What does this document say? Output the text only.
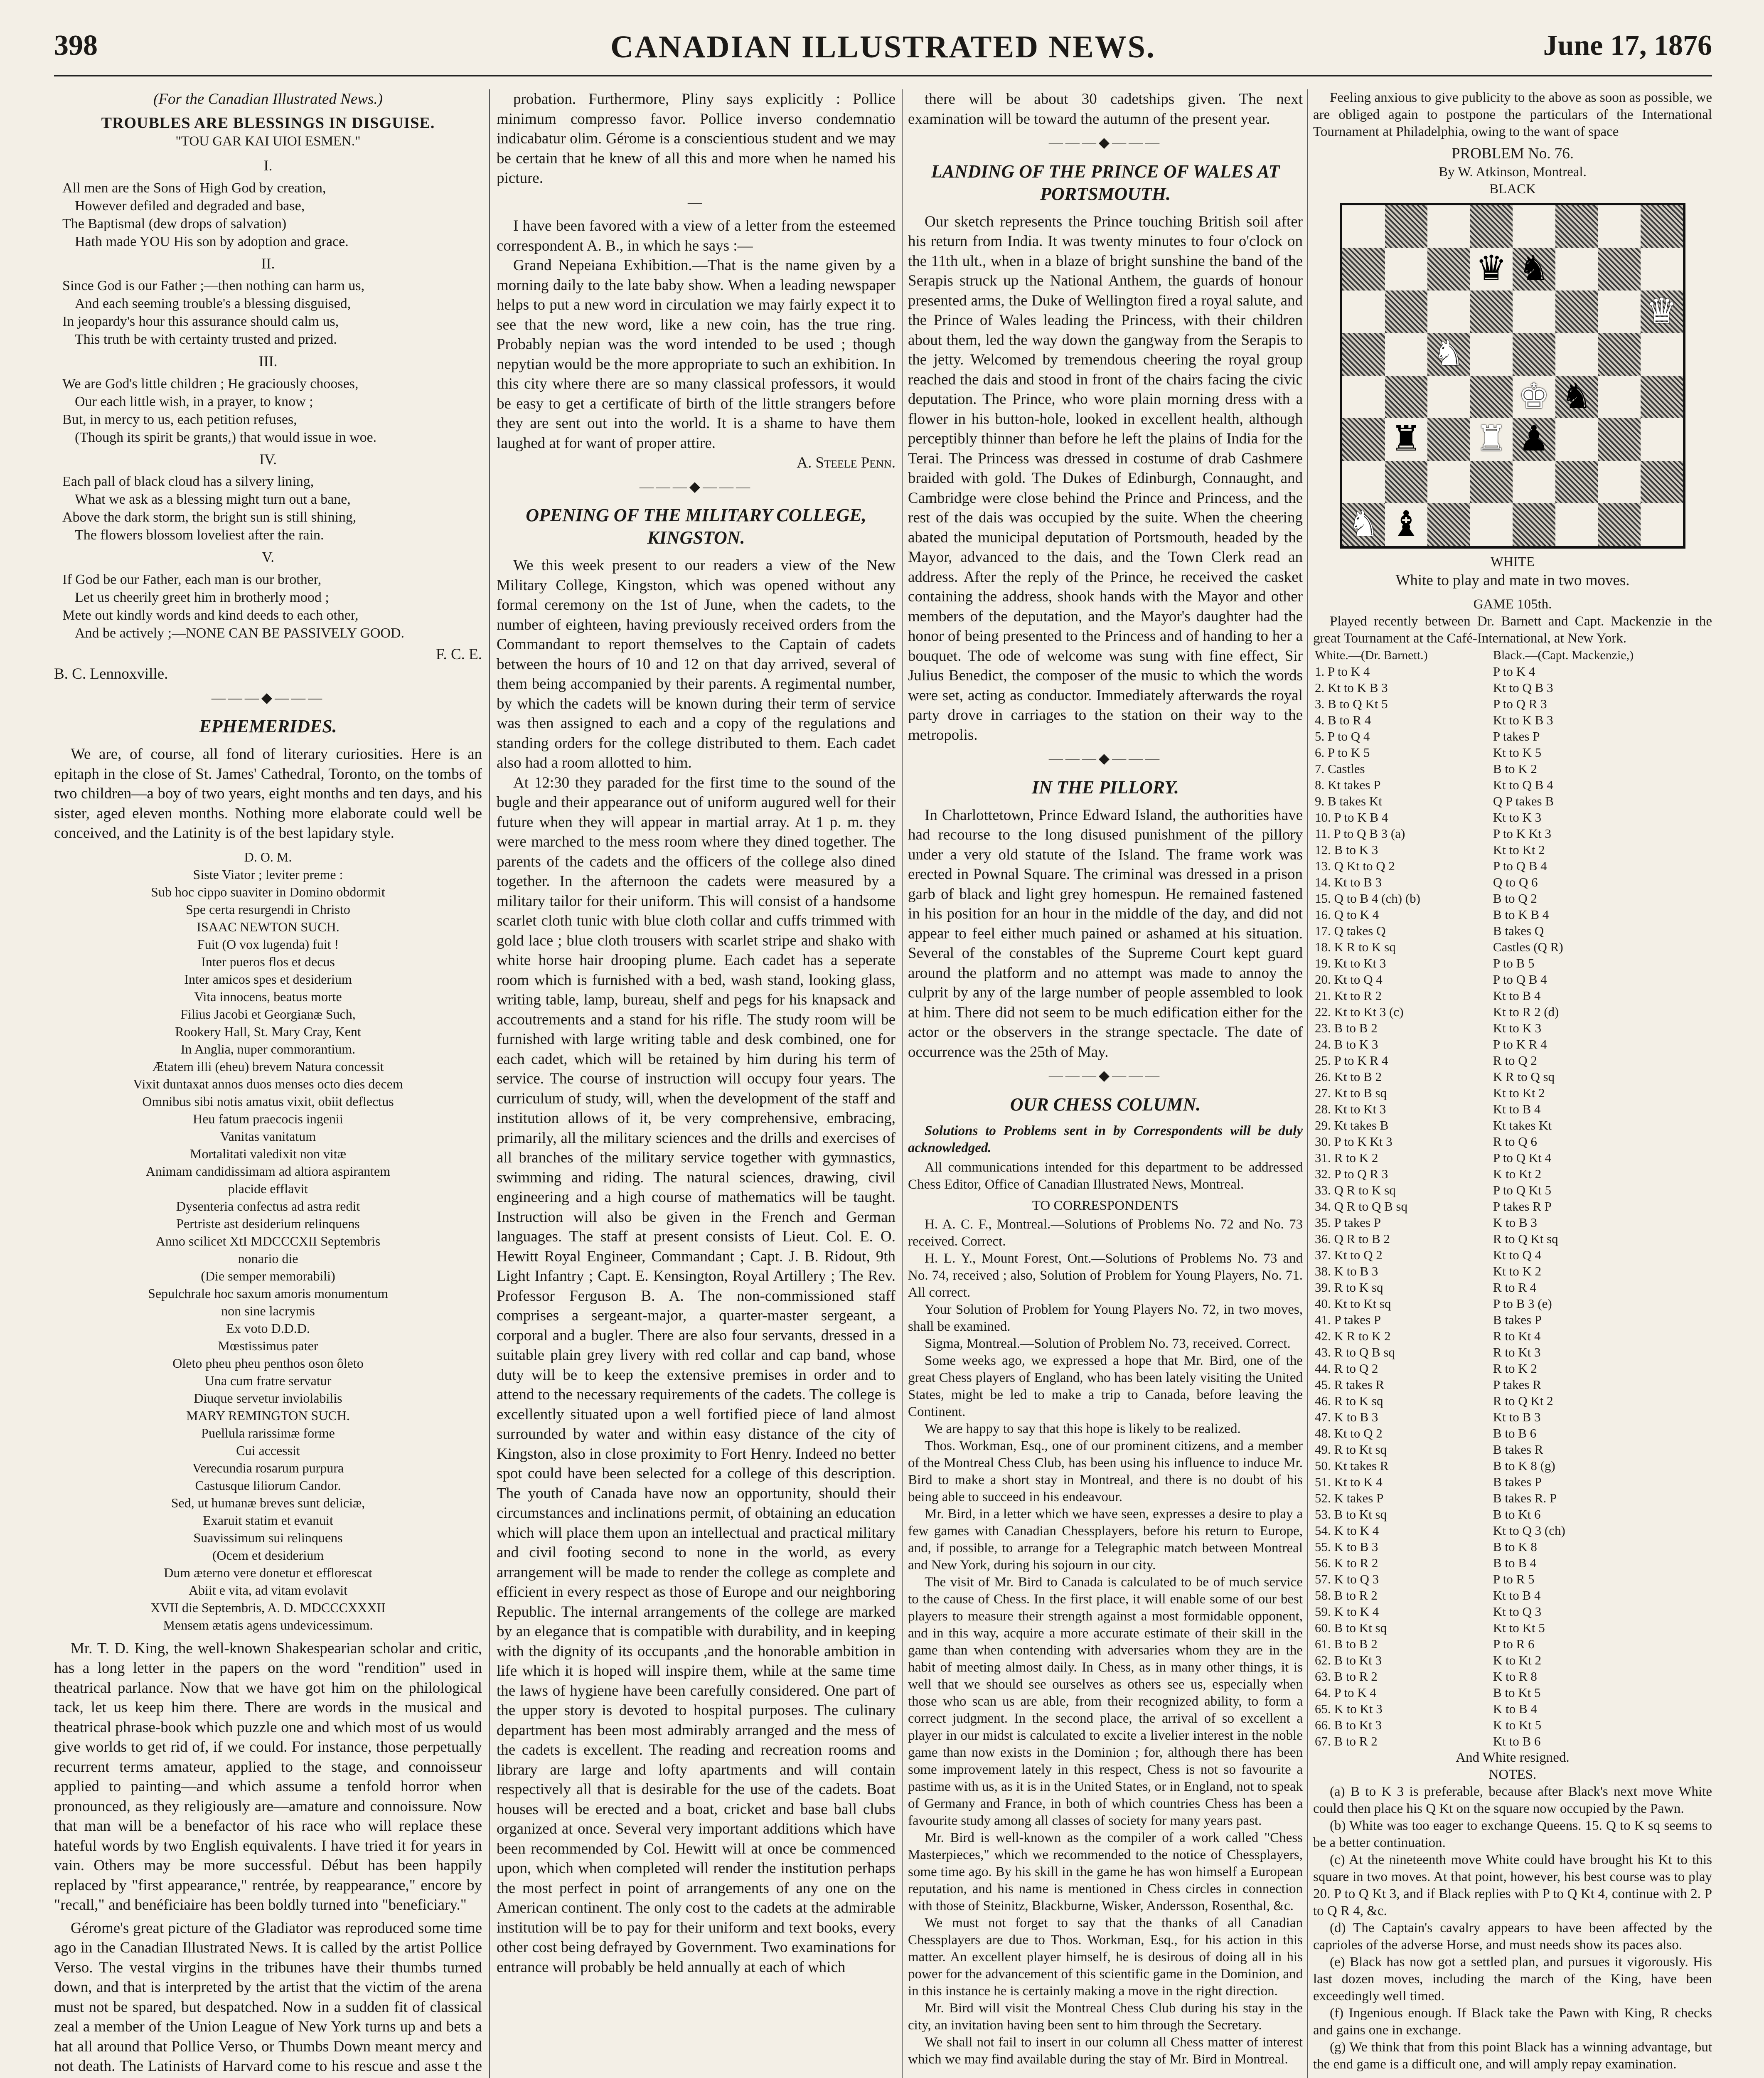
398	CANADIAN ILLUSTRATED NEWS.	June 17, 1876
(For the Canadian Illustrated News.)
TROUBLES ARE BLESSINGS IN DISGUISE.
"TOU GAR KAI UIOI ESMEN."
I.
All men are the Sons of High God by creation,
However defiled and degraded and base,
The Baptismal (dew drops of salvation)
Hath made YOU His son by adoption and grace.
II.
Since God is our Father ;—then nothing can harm us,
And each seeming trouble's a blessing disguised,
In jeopardy's hour this assurance should calm us,
This truth be with certainty trusted and prized.
III.
We are God's little children ; He graciously chooses,
Our each little wish, in a prayer, to know ;
But, in mercy to us, each petition refuses,
(Though its spirit be grants,) that would issue in woe.
IV.
Each pall of black cloud has a silvery lining,
What we ask as a blessing might turn out a bane,
Above the dark storm, the bright sun is still shining,
The flowers blossom loveliest after the rain.
V.
If God be our Father, each man is our brother,
Let us cheerily greet him in brotherly mood ;
Mete out kindly words and kind deeds to each other,
And be actively ;—NONE CAN BE PASSIVELY GOOD.
F. C. E.
B. C. Lennoxville.
———◆———
EPHEMERIDES.

We are, of course, all fond of literary curiosities. Here is an epitaph in the close of St. James' Cathedral, Toronto, on the tombs of two children—a boy of two years, eight months and ten days, and his sister, aged eleven months. Nothing more elaborate could well be conceived, and the Latinity is of the best lapidary style.

D. O. M.
Siste Viator ; leviter preme :
Sub hoc cippo suaviter in Domino obdormit
Spe certa resurgendi in Christo
ISAAC NEWTON SUCH.
Fuit (O vox lugenda) fuit !
Inter pueros flos et decus
Inter amicos spes et desiderium
Vita innocens, beatus morte
Filius Jacobi et Georgianæ Such,
Rookery Hall, St. Mary Cray, Kent
In Anglia, nuper commorantium.
Ætatem illi (eheu) brevem Natura concessit
Vixit duntaxat annos duos menses octo dies decem
Omnibus sibi notis amatus vixit, obiit deflectus
Heu fatum praecocis ingenii
Vanitas vanitatum
Mortalitati valedixit non vitæ
Animam candidissimam ad altiora aspirantem
placide efflavit
Dysenteria confectus ad astra redit
Pertriste ast desiderium relinquens
Anno scilicet XtI MDCCCXII Septembris
nonario die
(Die semper memorabili)
Sepulchrale hoc saxum amoris monumentum
non sine lacrymis
Ex voto D.D.D.
Mœstissimus pater
Oleto pheu pheu penthos oson ôleto
Una cum fratre servatur
Diuque servetur inviolabilis
MARY REMINGTON SUCH.
Puellula rarissimæ forme
Cui accessit
Verecundia rosarum purpura
Castusque liliorum Candor.
Sed, ut humanæ breves sunt deliciæ,
Exaruit statim et evanuit
Suavissimum sui relinquens
(Ocem et desiderium
Dum æterno vere donetur et efflorescat
Abiit e vita, ad vitam evolavit
XVII die Septembris, A. D. MDCCCXXXII
Mensem ætatis agens undevicessimum.

Mr. T. D. King, the well-known Shakespearian scholar and critic, has a long letter in the papers on the word "rendition" used in theatrical parlance. Now that we have got him on the philological tack, let us keep him there. There are words in the musical and theatrical phrase-book which puzzle one and which most of us would give worlds to get rid of, if we could. For instance, those perpetually recurrent terms amateur, applied to the stage, and connoisseur applied to painting—and which assume a tenfold horror when pronounced, as they religiously are—amature and connoissure. Now that man will be a benefactor of his race who will replace these hateful words by two English equivalents. I have tried it for years in vain. Others may be more successful. Début has been happily replaced by "first appearance," rentrée, by reappearance," encore by "recall," and benéficiaire has been boldly turned into "beneficiary."

Gérome's great picture of the Gladiator was reproduced some time ago in the Canadian Illustrated News. It is called by the artist Pollice Verso. The vestal virgins in the tribunes have their thumbs turned down, and that is interpreted by the artist that the victim of the arena must not be spared, but despatched. Now in a sudden fit of classical zeal a member of the Union League of New York turns up and bets a hat all around that Pollice Verso, or Thumbs Down meant mercy and not death. The Latinists of Harvard come to his rescue and asse t the

probation. Furthermore, Pliny says explicitly : Pollice minimum compresso favor. Pollice inverso condemnatio indicabatur olim. Gérome is a conscientious student and we may be certain that he knew of all this and more when he named his picture.

—

I have been favored with a view of a letter from the esteemed correspondent A. B., in which he says :—

Grand Nepeiana Exhibition.—That is the name given by a morning daily to the late baby show. When a leading newspaper helps to put a new word in circulation we may fairly expect it to see that the new word, like a new coin, has the true ring. Probably nepian was the word intended to be used ; though nepytian would be the more appropriate to such an exhibition. In this city where there are so many classical professors, it would be easy to get a certificate of birth of the little strangers before they are sent out into the world. It is a shame to have them laughed at for want of proper attire.

A. Steele Penn.
———◆———
OPENING OF THE MILITARY COLLEGE, KINGSTON.

We this week present to our readers a view of the New Military College, Kingston, which was opened without any formal ceremony on the 1st of June, when the cadets, to the number of eighteen, having previously received orders from the Commandant to report themselves to the Captain of cadets between the hours of 10 and 12 on that day arrived, several of them being accompanied by their parents. A regimental number, by which the cadets will be known during their term of service was then assigned to each and a copy of the regulations and standing orders for the college distributed to them. Each cadet also had a room allotted to him.

At 12:30 they paraded for the first time to the sound of the bugle and their appearance out of uniform augured well for their future when they will appear in martial array. At 1 p. m. they were marched to the mess room where they dined together. The parents of the cadets and the officers of the college also dined together. In the afternoon the cadets were measured by a military tailor for their uniform. This will consist of a handsome scarlet cloth tunic with blue cloth collar and cuffs trimmed with gold lace ; blue cloth trousers with scarlet stripe and shako with white horse hair drooping plume. Each cadet has a seperate room which is furnished with a bed, wash stand, looking glass, writing table, lamp, bureau, shelf and pegs for his knapsack and accoutrements and a stand for his rifle. The study room will be furnished with large writing table and desk combined, one for each cadet, which will be retained by him during his term of service. The course of instruction will occupy four years. The curriculum of study, will, when the development of the staff and institution allows of it, be very comprehensive, embracing, primarily, all the military sciences and the drills and exercises of all branches of the military service together with gymnastics, swimming and riding. The natural sciences, drawing, civil engineering and a high course of mathematics will be taught. Instruction will also be given in the French and German languages. The staff at present consists of Lieut. Col. E. O. Hewitt Royal Engineer, Commandant ; Capt. J. B. Ridout, 9th Light Infantry ; Capt. E. Kensington, Royal Artillery ; The Rev. Professor Ferguson B. A. The non-commissioned staff comprises a sergeant-major, a quarter-master sergeant, a corporal and a bugler. There are also four servants, dressed in a suitable plain grey livery with red collar and cap band, whose duty will be to keep the extensive premises in order and to attend to the necessary requirements of the cadets. The college is excellently situated upon a well fortified piece of land almost surrounded by water and within easy distance of the city of Kingston, also in close proximity to Fort Henry. Indeed no better spot could have been selected for a college of this description. The youth of Canada have now an opportunity, should their circumstances and inclinations permit, of obtaining an education which will place them upon an intellectual and practical military and civil footing second to none in the world, as every arrangement will be made to render the college as complete and efficient in every respect as those of Europe and our neighboring Republic. The internal arrangements of the college are marked by an elegance that is compatible with durability, and in keeping with the dignity of its occupants ,and the honorable ambition in life which it is hoped will inspire them, while at the same time the laws of hygiene have been carefully considered. One part of the upper story is devoted to hospital purposes. The culinary department has been most admirably arranged and the mess of the cadets is excellent. The reading and recreation rooms and library are large and lofty apartments and will contain respectively all that is desirable for the use of the cadets. Boat houses will be erected and a boat, cricket and base ball clubs organized at once. Several very important additions which have been recommended by Col. Hewitt will at once be commenced upon, which when completed will render the institution perhaps the most perfect in point of arrangements of any one on the American continent. The only cost to the cadets at the admirable institution will be to pay for their uniform and text books, every other cost being defrayed by Government. Two examinations for entrance will probably be held annually at each of which

there will be about 30 cadetships given. The next examination will be toward the autumn of the present year.

———◆———
LANDING OF THE PRINCE OF WALES AT PORTSMOUTH.

Our sketch represents the Prince touching British soil after his return from India. It was twenty minutes to four o'clock on the 11th ult., when in a blaze of bright sunshine the band of the Serapis struck up the National Anthem, the guards of honour presented arms, the Duke of Wellington fired a royal salute, and the Prince of Wales leading the Princess, with their children about them, led the way down the gangway from the Serapis to the jetty. Welcomed by tremendous cheering the royal group reached the dais and stood in front of the chairs facing the civic deputation. The Prince, who wore plain morning dress with a flower in his button-hole, looked in excellent health, although perceptibly thinner than before he left the plains of India for the Terai. The Princess was dressed in costume of drab Cashmere braided with gold. The Dukes of Edinburgh, Connaught, and Cambridge were close behind the Prince and Princess, and the rest of the dais was occupied by the suite. When the cheering abated the municipal deputation of Portsmouth, headed by the Mayor, advanced to the dais, and the Town Clerk read an address. After the reply of the Prince, he received the casket containing the address, shook hands with the Mayor and other members of the deputation, and the Mayor's daughter had the honor of being presented to the Princess and of handing to her a bouquet. The ode of welcome was sung with fine effect, Sir Julius Benedict, the composer of the music to which the words were set, acting as conductor. Immediately afterwards the royal party drove in carriages to the station on their way to the metropolis.

———◆———
IN THE PILLORY.

In Charlottetown, Prince Edward Island, the authorities have had recourse to the long disused punishment of the pillory under a very old statute of the Island. The frame work was erected in Pownal Square. The criminal was dressed in a prison garb of black and light grey homespun. He remained fastened in his position for an hour in the middle of the day, and did not appear to feel either much pained or ashamed at his situation. Several of the constables of the Supreme Court kept guard around the platform and no attempt was made to annoy the culprit by any of the large number of people assembled to look at him. There did not seem to be much edification either for the actor or the observers in the strange spectacle. The date of occurrence was the 25th of May.

———◆———
OUR CHESS COLUMN.

Solutions to Problems sent in by Correspondents will be duly acknowledged.

All communications intended for this department to be addressed Chess Editor, Office of Canadian Illustrated News, Montreal.

TO CORRESPONDENTS

H. A. C. F., Montreal.—Solutions of Problems No. 72 and No. 73 received. Correct.

H. L. Y., Mount Forest, Ont.—Solutions of Problems No. 73 and No. 74, received ; also, Solution of Problem for Young Players, No. 71. All correct.

Your Solution of Problem for Young Players No. 72, in two moves, shall be examined.

Sigma, Montreal.—Solution of Problem No. 73, received. Correct.

Some weeks ago, we expressed a hope that Mr. Bird, one of the great Chess players of England, who has been lately visiting the United States, might be led to make a trip to Canada, before leaving the Continent.

We are happy to say that this hope is likely to be realized.

Thos. Workman, Esq., one of our prominent citizens, and a member of the Montreal Chess Club, has been using his influence to induce Mr. Bird to make a short stay in Montreal, and there is no doubt of his being able to succeed in his endeavour.

Mr. Bird, in a letter which we have seen, expresses a desire to play a few games with Canadian Chessplayers, before his return to Europe, and, if possible, to arrange for a Telegraphic match between Montreal and New York, during his sojourn in our city.

The visit of Mr. Bird to Canada is calculated to be of much service to the cause of Chess. In the first place, it will enable some of our best players to measure their strength against a most formidable opponent, and in this way, acquire a more accurate estimate of their skill in the game than when contending with adversaries whom they are in the habit of meeting almost daily. In Chess, as in many other things, it is well that we should see ourselves as others see us, especially when those who scan us are able, from their recognized ability, to form a correct judgment. In the second place, the arrival of so excellent a player in our midst is calculated to excite a livelier interest in the noble game than now exists in the Dominion ; for, although there has been some improvement lately in this respect, Chess is not so favourite a pastime with us, as it is in the United States, or in England, not to speak of Germany and France, in both of which countries Chess has been a favourite study among all classes of society for many years past.

Mr. Bird is well-known as the compiler of a work called "Chess Masterpieces," which we recommended to the notice of Chessplayers, some time ago. By his skill in the game he has won himself a European reputation, and his name is mentioned in Chess circles in connection with those of Steinitz, Blackburne, Wisker, Andersson, Rosenthal, &c.

We must not forget to say that the thanks of all Canadian Chessplayers are due to Thos. Workman, Esq., for his action in this matter. An excellent player himself, he is desirous of doing all in his power for the advancement of this scientific game in the Dominion, and in this instance he is certainly making a move in the right direction.

Mr. Bird will visit the Montreal Chess Club during his stay in the city, an invitation having been sent to him through the Secretary.

We shall not fail to insert in our column all Chess matter of interest which we may find available during the stay of Mr. Bird in Montreal.

Feeling anxious to give publicity to the above as soon as possible, we are obliged again to postpone the particulars of the International Tournament at Philadelphia, owing to the want of space

PROBLEM No. 76.
By W. Atkinson, Montreal.
BLACK
♛ ♞
♛
♞
♚ ♞
♜ ♜ ♟
♞ ♝
WHITE
White to play and mate in two moves.
GAME 105th.

Played recently between Dr. Barnett and Capt. Mackenzie in the great Tournament at the Café-International, at New York.

White.—(Dr. Barnett.)	Black.—(Capt. Mackenzie,)
1. P to K 4	P to K 4
2. Kt to K B 3	Kt to Q B 3
3. B to Q Kt 5	P to Q R 3
4. B to R 4	Kt to K B 3
5. P to Q 4	P takes P
6. P to K 5	Kt to K 5
7. Castles	B to K 2
8. Kt takes P	Kt to Q B 4
9. B takes Kt	Q P takes B
10. P to K B 4	Kt to K 3
11. P to Q B 3 (a)	P to K Kt 3
12. B to K 3	Kt to Kt 2
13. Q Kt to Q 2	P to Q B 4
14. Kt to B 3	Q to Q 6
15. Q to B 4 (ch) (b)	B to Q 2
16. Q to K 4	B to K B 4
17. Q takes Q	B takes Q
18. K R to K sq	Castles (Q R)
19. Kt to Kt 3	P to B 5
20. Kt to Q 4	P to Q B 4
21. Kt to R 2	Kt to B 4
22. Kt to Kt 3 (c)	Kt to R 2 (d)
23. B to B 2	Kt to K 3
24. B to K 3	P to K R 4
25. P to K R 4	R to Q 2
26. Kt to B 2	K R to Q sq
27. Kt to B sq	Kt to Kt 2
28. Kt to Kt 3	Kt to B 4
29. Kt takes B	Kt takes Kt
30. P to K Kt 3	R to Q 6
31. R to K 2	P to Q Kt 4
32. P to Q R 3	K to Kt 2
33. Q R to K sq	P to Q Kt 5
34. Q R to Q B sq	P takes R P
35. P takes P	K to B 3
36. Q R to B 2	R to Q Kt sq
37. Kt to Q 2	Kt to Q 4
38. K to B 3	Kt to K 2
39. R to K sq	R to R 4
40. Kt to Kt sq	P to B 3 (e)
41. P takes P	B takes P
42. K R to K 2	R to Kt 4
43. R to Q B sq	R to Kt 3
44. R to Q 2	R to K 2
45. R takes R	P takes R
46. R to K sq	R to Q Kt 2
47. K to B 3	Kt to B 3
48. Kt to Q 2	B to B 6
49. R to Kt sq	B takes R
50. Kt takes R	B to K 8 (g)
51. Kt to K 4	B takes P
52. K takes P	B takes R. P
53. B to Kt sq	B to Kt 6
54. K to K 4	Kt to Q 3 (ch)
55. K to B 3	B to K 8
56. K to R 2	B to B 4
57. K to Q 3	P to R 5
58. B to R 2	Kt to B 4
59. K to K 4	Kt to Q 3
60. B to Kt sq	Kt to Kt 5
61. B to B 2	P to R 6
62. B to Kt 3	K to Kt 2
63. B to R 2	K to R 8
64. P to K 4	B to Kt 5
65. K to Kt 3	K to B 4
66. B to Kt 3	K to Kt 5
67. B to R 2	Kt to B 6
And White resigned.
NOTES.

(a) B to K 3 is preferable, because after Black's next move White could then place his Q Kt on the square now occupied by the Pawn.

(b) White was too eager to exchange Queens. 15. Q to K sq seems to be a better continuation.

(c) At the nineteenth move White could have brought his Kt to this square in two moves. At that point, however, his best course was to play 20. P to Q Kt 3, and if Black replies with P to Q Kt 4, continue with 2. P to Q R 4, &c.

(d) The Captain's cavalry appears to have been affected by the caprioles of the adverse Horse, and must needs show its paces also.

(e) Black has now got a settled plan, and pursues it vigorously. His last dozen moves, including the march of the King, have been exceedingly well timed.

(f) Ingenious enough. If Black take the Pawn with King, R checks and gains one in exchange.

(g) We think that from this point Black has a winning advantage, but the end game is a difficult one, and will amply repay examination.
